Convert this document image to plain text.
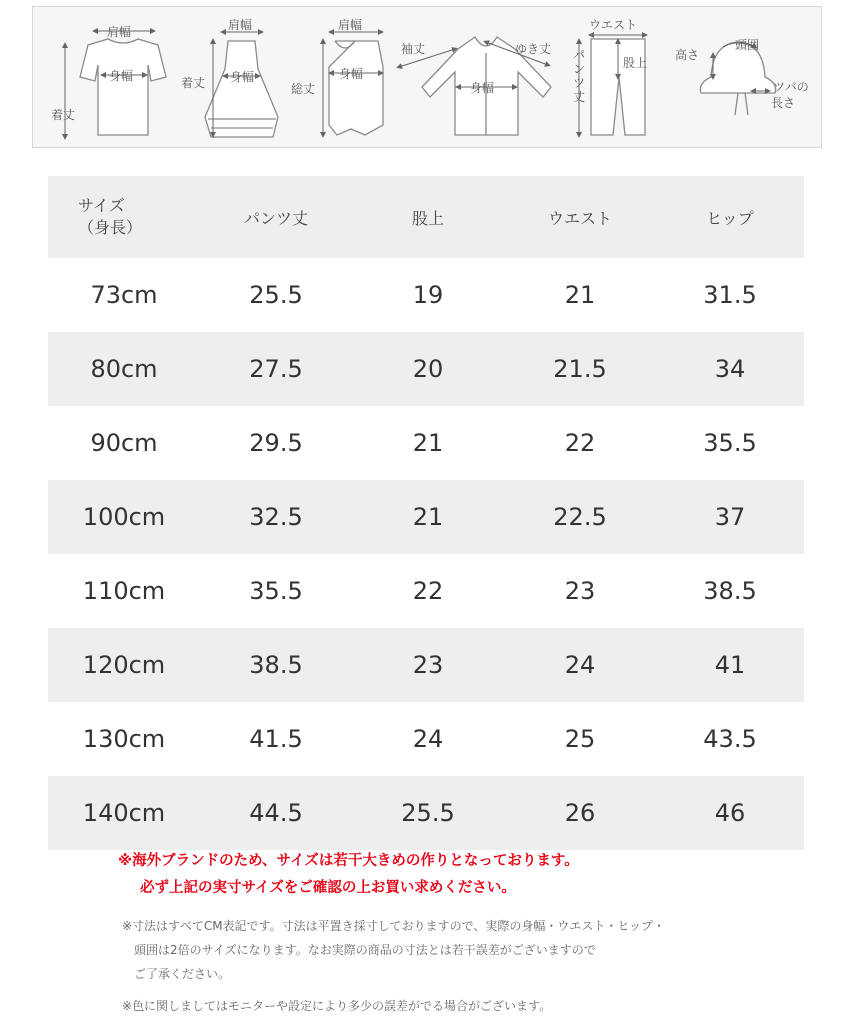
肩幅
身幅
着丈
肩幅
身幅
着丈
肩幅
身幅
総丈
袖丈	ゆき丈
身幅
ウエスト
パンツ丈
股上
高さ
頭囲
ツバの
長さ
サイズ
（身長）	パンツ丈	股上	ウエスト	ヒップ
73cm	25.5	19	21	31.5
80cm	27.5	20	21.5	34
90cm	29.5	21	22	35.5
100cm	32.5	21	22.5	37
110cm	35.5	22	23	38.5
120cm	38.5	23	24	41
130cm	41.5	24	25	43.5
140cm	44.5	25.5	26	46
※海外ブランドのため、サイズは若干大きめの作りとなっております。
必ず上記の実寸サイズをご確認の上お買い求めください。
※寸法はすべてCM表記です。寸法は平置き採寸しておりますので、実際の身幅・ウエスト・ヒップ・
頭囲は2倍のサイズになります。なお実際の商品の寸法とは若干誤差がございますので
ご了承ください。
※色に関しましてはモニターや設定により多少の誤差がでる場合がございます。
